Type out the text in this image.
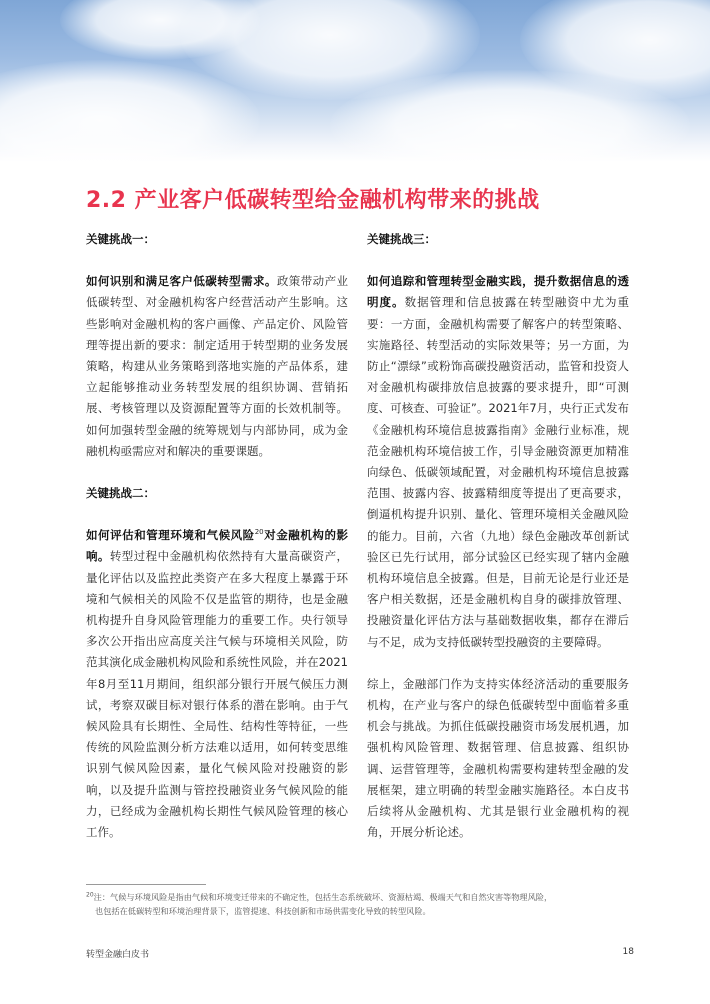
2.2 产业客户低碳转型给金融机构带来的挑战

关键挑战一：

如何识别和满足客户低碳转型需求。政策带动产业低碳转型、对金融机构客户经营活动产生影响。这些影响对金融机构的客户画像、产品定价、风险管理等提出新的要求：制定适用于转型期的业务发展策略，构建从业务策略到落地实施的产品体系，建立起能够推动业务转型发展的组织协调、营销拓展、考核管理以及资源配置等方面的长效机制等。如何加强转型金融的统筹规划与内部协同，成为金融机构亟需应对和解决的重要课题。

关键挑战二：

如何评估和管理环境和气候风险$^{20}$对金融机构的影响。转型过程中金融机构依然持有大量高碳资产，量化评估以及监控此类资产在多大程度上暴露于环境和气候相关的风险不仅是监管的期待，也是金融机构提升自身风险管理能力的重要工作。央行领导多次公开指出应高度关注气候与环境相关风险，防范其演化成金融机构风险和系统性风险，并在2021年8月至11月期间，组织部分银行开展气候压力测试，考察双碳目标对银行体系的潜在影响。由于气候风险具有长期性、全局性、结构性等特征，一些传统的风险监测分析方法难以适用，如何转变思维识别气候风险因素，量化气候风险对投融资的影响，以及提升监测与管控投融资业务气候风险的能力，已经成为金融机构长期性气候风险管理的核心工作。

关键挑战三：

如何追踪和管理转型金融实践，提升数据信息的透明度。数据管理和信息披露在转型融资中尤为重要：一方面，金融机构需要了解客户的转型策略、实施路径、转型活动的实际效果等；另一方面，为防止“漂绿”或粉饰高碳投融资活动，监管和投资人对金融机构碳排放信息披露的要求提升，即“可测度、可核查、可验证”。2021年7月，央行正式发布《金融机构环境信息披露指南》金融行业标准，规范金融机构环境信披工作，引导金融资源更加精准向绿色、低碳领域配置，对金融机构环境信息披露范围、披露内容、披露精细度等提出了更高要求，倒逼机构提升识别、量化、管理环境相关金融风险的能力。目前，六省（九地）绿色金融改革创新试验区已先行试用，部分试验区已经实现了辖内金融机构环境信息全披露。但是，目前无论是行业还是客户相关数据，还是金融机构自身的碳排放管理、投融资量化评估方法与基础数据收集，都存在滞后与不足，成为支持低碳转型投融资的主要障碍。

综上，金融部门作为支持实体经济活动的重要服务机构，在产业与客户的绿色低碳转型中面临着多重机会与挑战。为抓住低碳投融资市场发展机遇，加强机构风险管理、数据管理、信息披露、组织协调、运营管理等，金融机构需要构建转型金融的发展框架，建立明确的转型金融实施路径。本白皮书后续将从金融机构、尤其是银行业金融机构的视角，开展分析论述。

$^{20}$注：气候与环境风险是指由气候和环境变迁带来的不确定性，包括生态系统破坏、资源枯竭、极端天气和自然灾害等物理风险，
也包括在低碳转型和环境治理背景下，监管提速、科技创新和市场供需变化导致的转型风险。
转型金融白皮书	18
